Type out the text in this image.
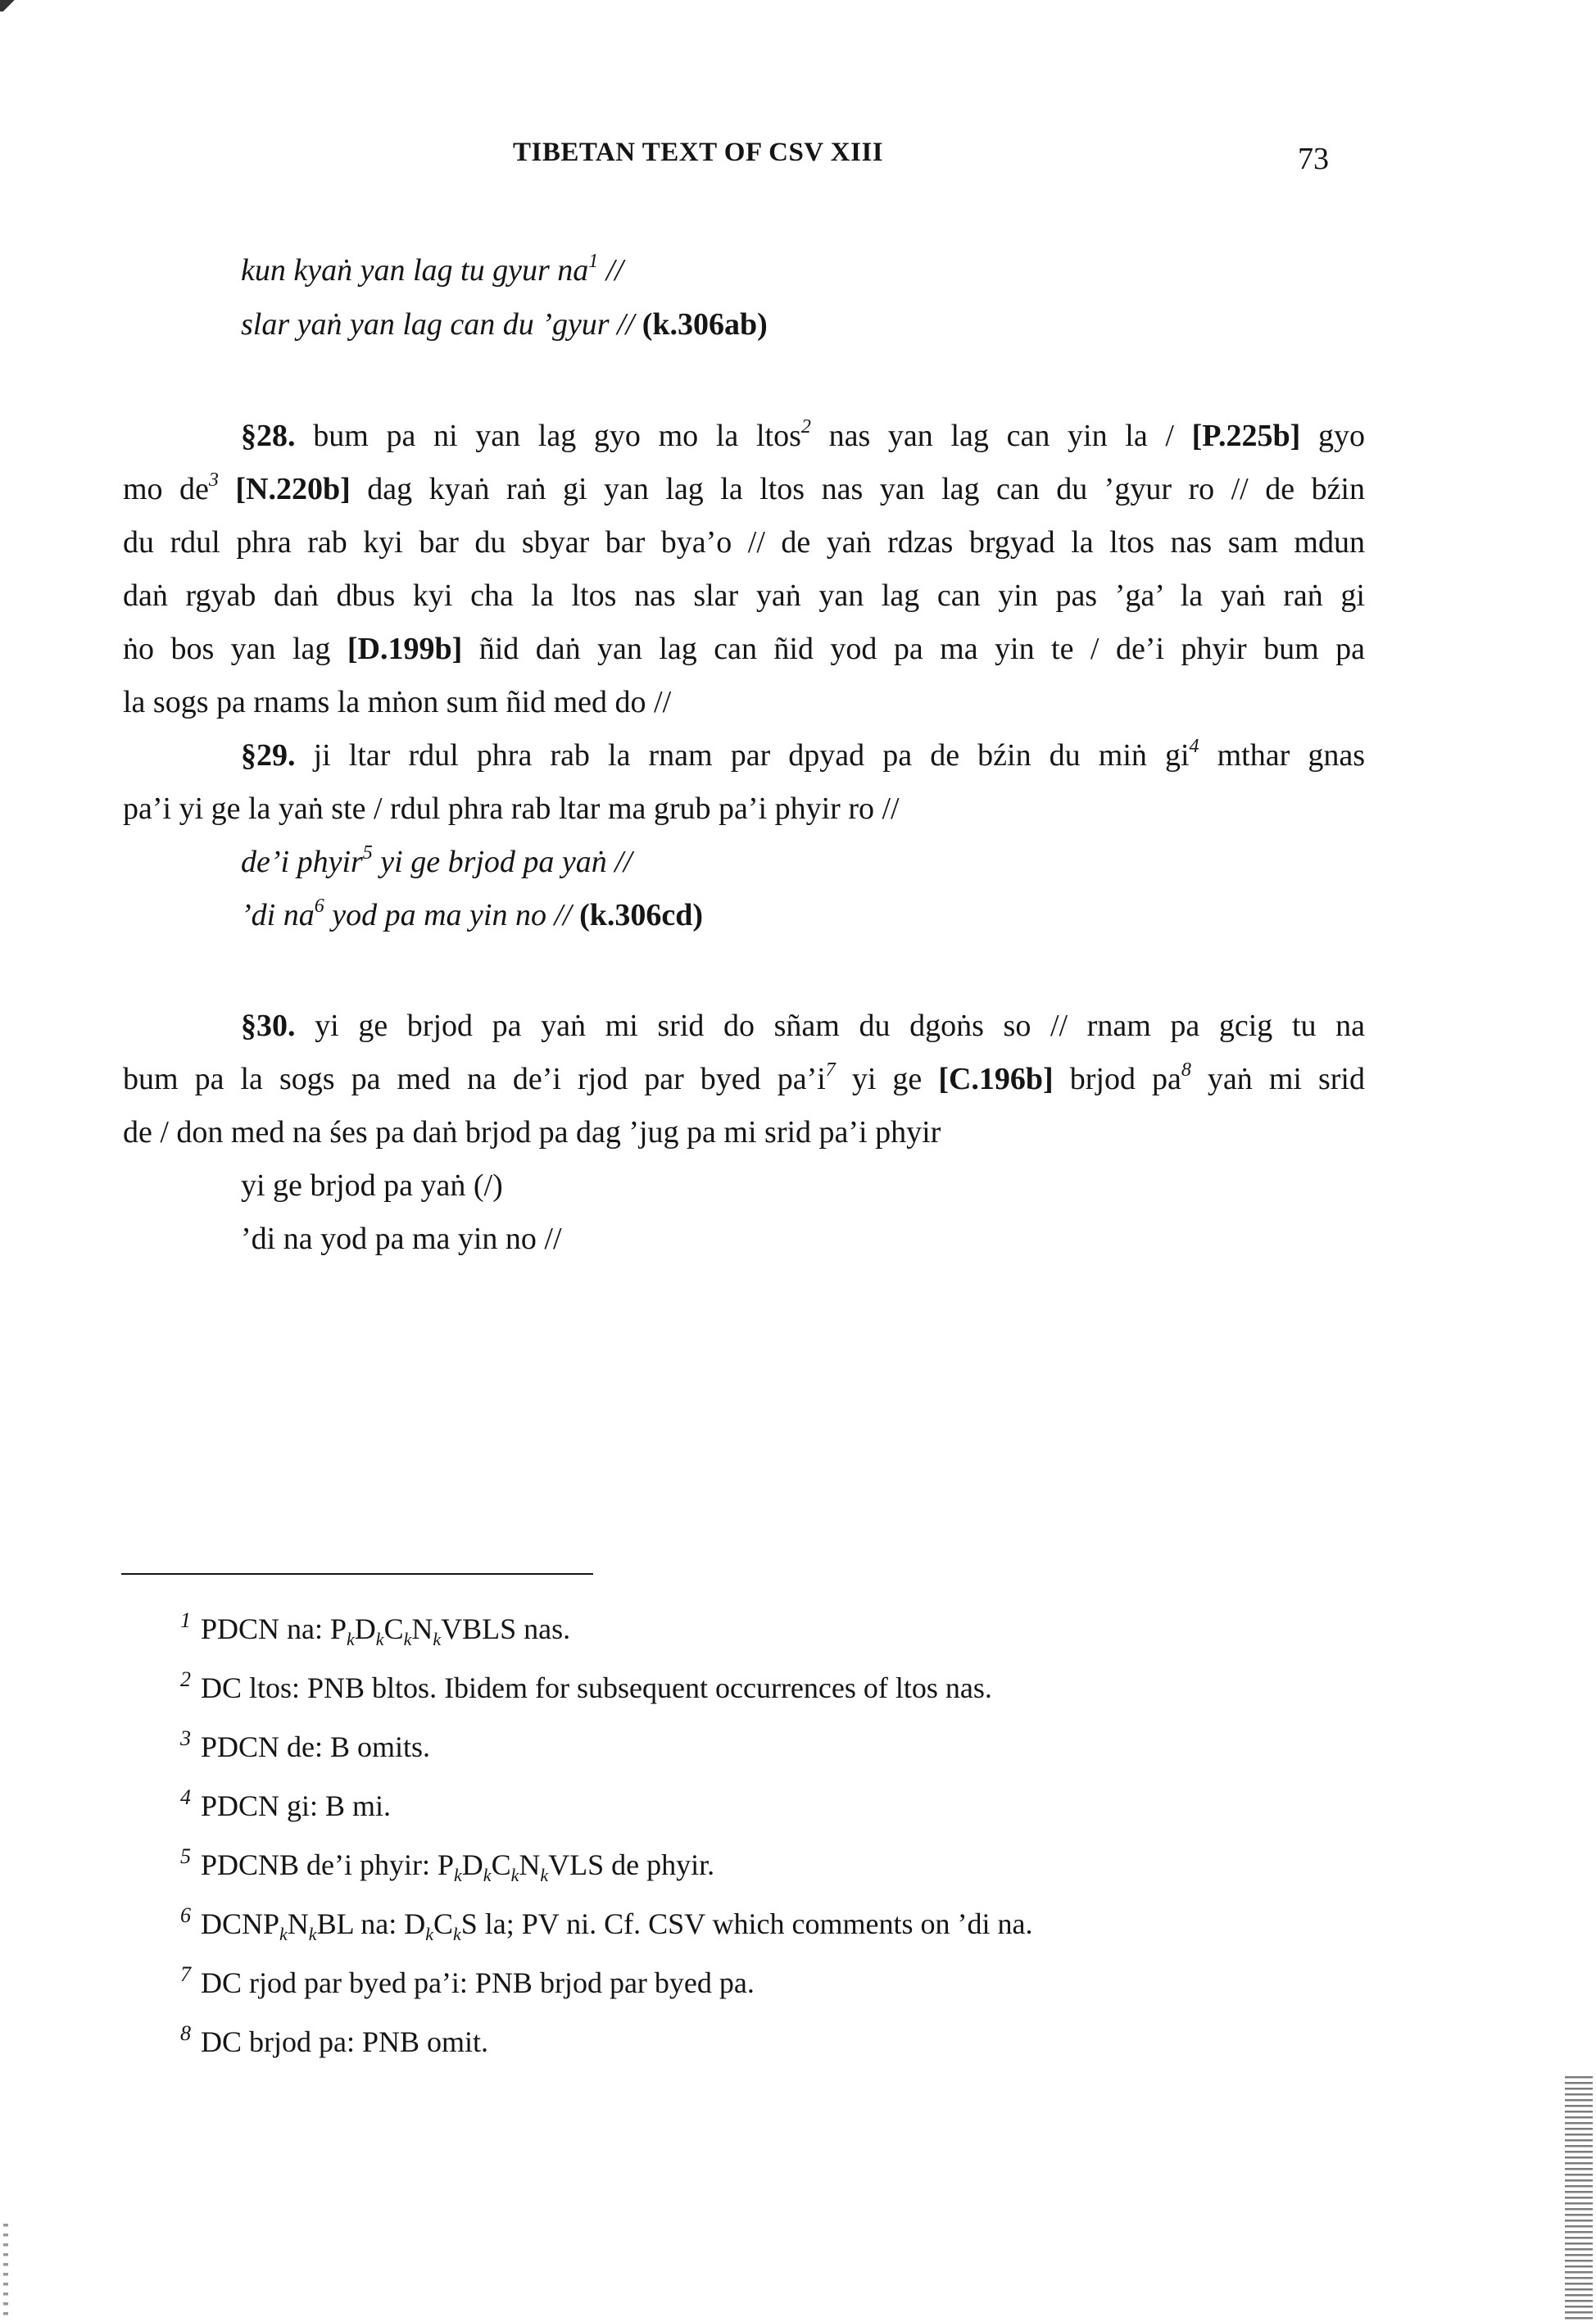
TIBETAN TEXT OF CSV XIII	73
kun kyaṅ yan lag tu gyur $na^1$ //
slar yaṅ yan lag can du ’gyur // (k.306ab)
§28. bum pa ni yan lag gyo mo la ltos$^2$ nas yan lag can yin la / [P.225b] gyo
mo $de^3$ [N.220b] dag kyaṅ raṅ gi yan lag la ltos nas yan lag can du ’gyur ro // de bźin
du rdul phra rab kyi bar du sbyar bar bya’o // de yaṅ rdzas brgyad la ltos nas sam mdun
daṅ rgyab daṅ dbus kyi cha la ltos nas slar yaṅ yan lag can yin pas ’ga’ la yaṅ raṅ gi
ṅo bos yan lag [D.199b] ñid daṅ yan lag can ñid yod pa ma yin te / de’i phyir bum pa
la sogs pa rnams la mṅon sum ñid med do //
§29. ji ltar rdul phra rab la rnam par dpyad pa de bźin du miṅ $gi^4$ mthar gnas
pa’i yi ge la yaṅ ste / rdul phra rab ltar ma grub pa’i phyir ro //
de’i phyir$^5$ yi ge brjod pa yaṅ //
’di $na^6$ yod pa ma yin no // (k.306cd)
§30. yi ge brjod pa yaṅ mi srid do sñam du dgoṅs so // rnam pa gcig tu na
bum pa la sogs pa med na de’i rjod par byed $pa’i^7$ yi ge [C.196b] brjod $pa^8$ yaṅ mi srid
de / don med na śes pa daṅ brjod pa dag ’jug pa mi srid pa’i phyir
yi ge brjod pa yaṅ (/)
’di na yod pa ma yin no //
$^1$ PDCN na: $P_kD_kC_kN_kVBLS$ nas.
$^2$ DC ltos: PNB bltos. Ibidem for subsequent occurrences of ltos nas.
$^3$ PDCN de: B omits.
$^4$ PDCN gi: B mi.
$^5$ PDCNB de’i phyir: $P_kD_kC_kN_kVLS$ de phyir.
$^6$ $DCNP_kN_kBL$ na: $D_kC_kS$ la; PV ni. Cf. CSV which comments on ’di na.
$^7$ DC rjod par byed pa’i: PNB brjod par byed pa.
$^8$ DC brjod pa: PNB omit.
